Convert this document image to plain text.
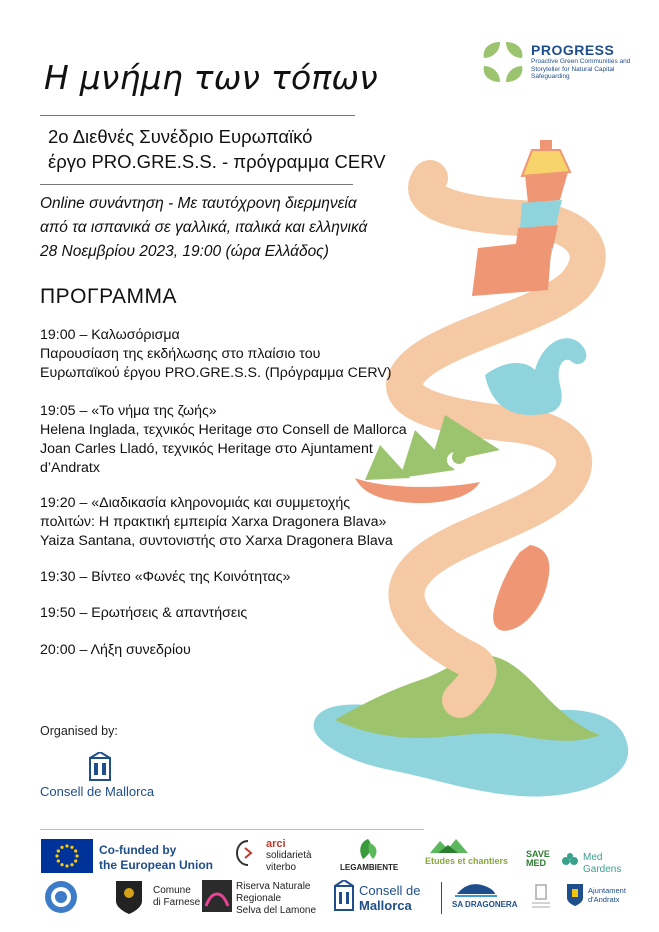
PROGRESS
Proactive Green Communities and Storyteller for Natural Capital Safeguarding
Η μνήμη των τόπων
2ο Διεθνές Συνέδριο Ευρωπαϊκό
έργο PRO.GRE.S.S. - πρόγραμμα CERV
Online συνάντηση - Με ταυτόχρονη διερμηνεία
από τα ισπανικά σε γαλλικά, ιταλικά και ελληνικά
28 Νοεμβρίου 2023, 19:00 (ώρα Ελλάδος)
ΠΡΟΓΡΑΜΜΑ
19:00 – Καλωσόρισμα
Παρουσίαση της εκδήλωσης στο πλαίσιο του
Ευρωπαϊκού έργου PRO.GRE.S.S. (Πρόγραμμα CERV)
19:05 – «Το νήμα της ζωής»
Helena Inglada, τεχνικός Heritage στο Consell de Mallorca
Joan Carles Lladó, τεχνικός Heritage στο Ajuntament
d’Andratx
19:20 – «Διαδικασία κληρονομιάς και συμμετοχής
πολιτών: Η πρακτική εμπειρία Xarxa Dragonera Blava»
Yaiza Santana, συντονιστής στο Xarxa Dragonera Blava
19:30 – Βίντεο «Φωνές της Κοινότητας»
19:50 – Ερωτήσεις & απαντήσεις
20:00 – Λήξη συνεδρίου
Organised by:
Consell de Mallorca
Co-funded by
the European Union
arci
solidarietà
viterbo	LEGAMBIENTE
Etudes et chantiers
SAVE MED	Med
Gardens
Comune
di Farnese
Riserva Naturale
Regionale
Selva del Lamone
Consell de
Mallorca	SA DRAGONERA
Ajuntament
d'Andratx
